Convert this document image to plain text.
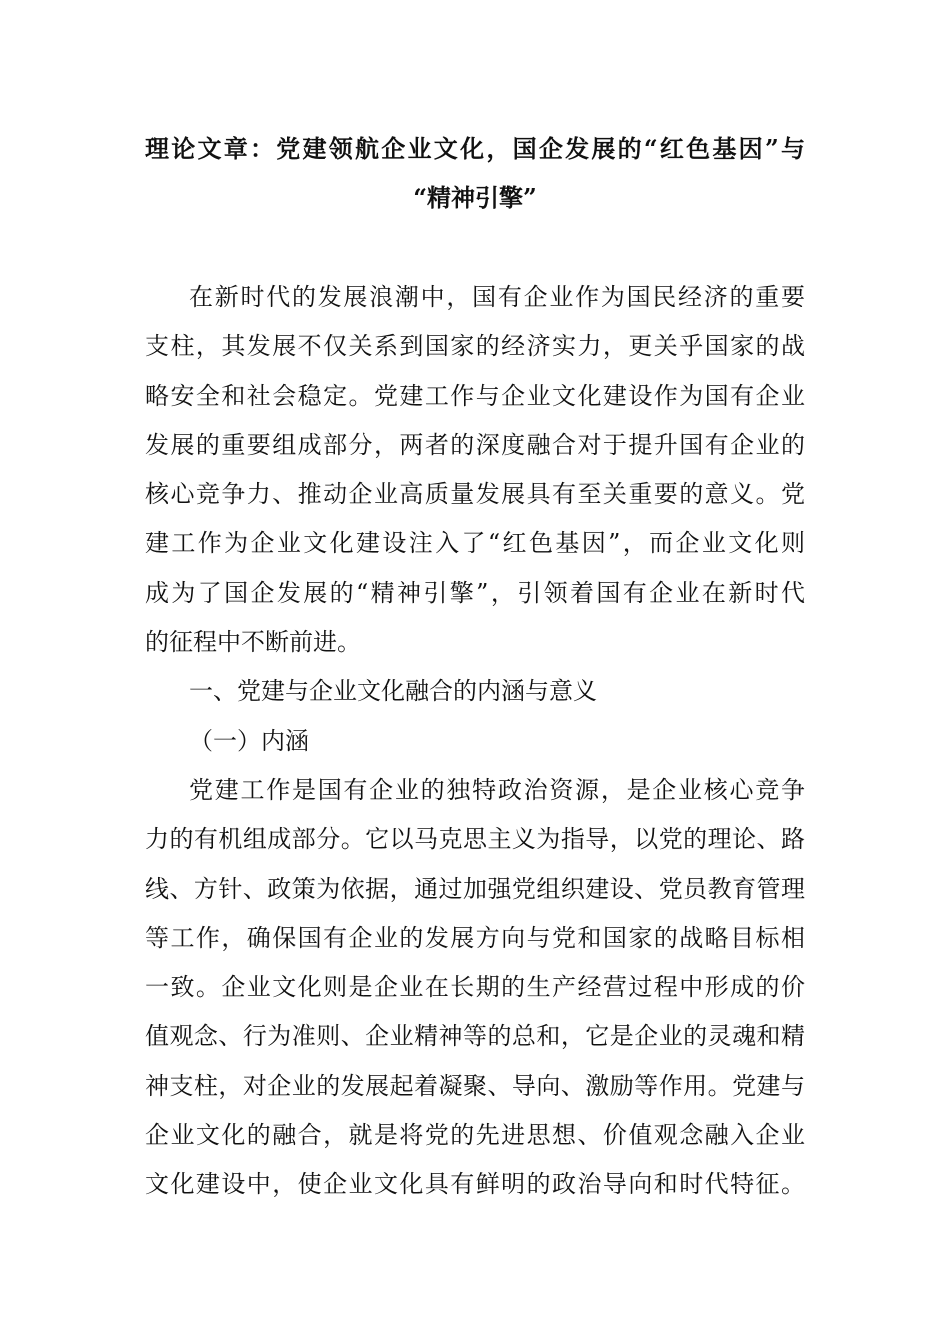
理论文章：党建领航企业文化，国企发展的“红色基因”与
“精神引擎”
在新时代的发展浪潮中，国有企业作为国民经济的重要
支柱，其发展不仅关系到国家的经济实力，更关乎国家的战
略安全和社会稳定。党建工作与企业文化建设作为国有企业
发展的重要组成部分，两者的深度融合对于提升国有企业的
核心竞争力、推动企业高质量发展具有至关重要的意义。党
建工作为企业文化建设注入了“红色基因”，而企业文化则
成为了国企发展的“精神引擎”，引领着国有企业在新时代
的征程中不断前进。
一、党建与企业文化融合的内涵与意义
（一）内涵
党建工作是国有企业的独特政治资源，是企业核心竞争
力的有机组成部分。它以马克思主义为指导，以党的理论、路
线、方针、政策为依据，通过加强党组织建设、党员教育管理
等工作，确保国有企业的发展方向与党和国家的战略目标相
一致。企业文化则是企业在长期的生产经营过程中形成的价
值观念、行为准则、企业精神等的总和，它是企业的灵魂和精
神支柱，对企业的发展起着凝聚、导向、激励等作用。党建与
企业文化的融合，就是将党的先进思想、价值观念融入企业
文化建设中，使企业文化具有鲜明的政治导向和时代特征。
